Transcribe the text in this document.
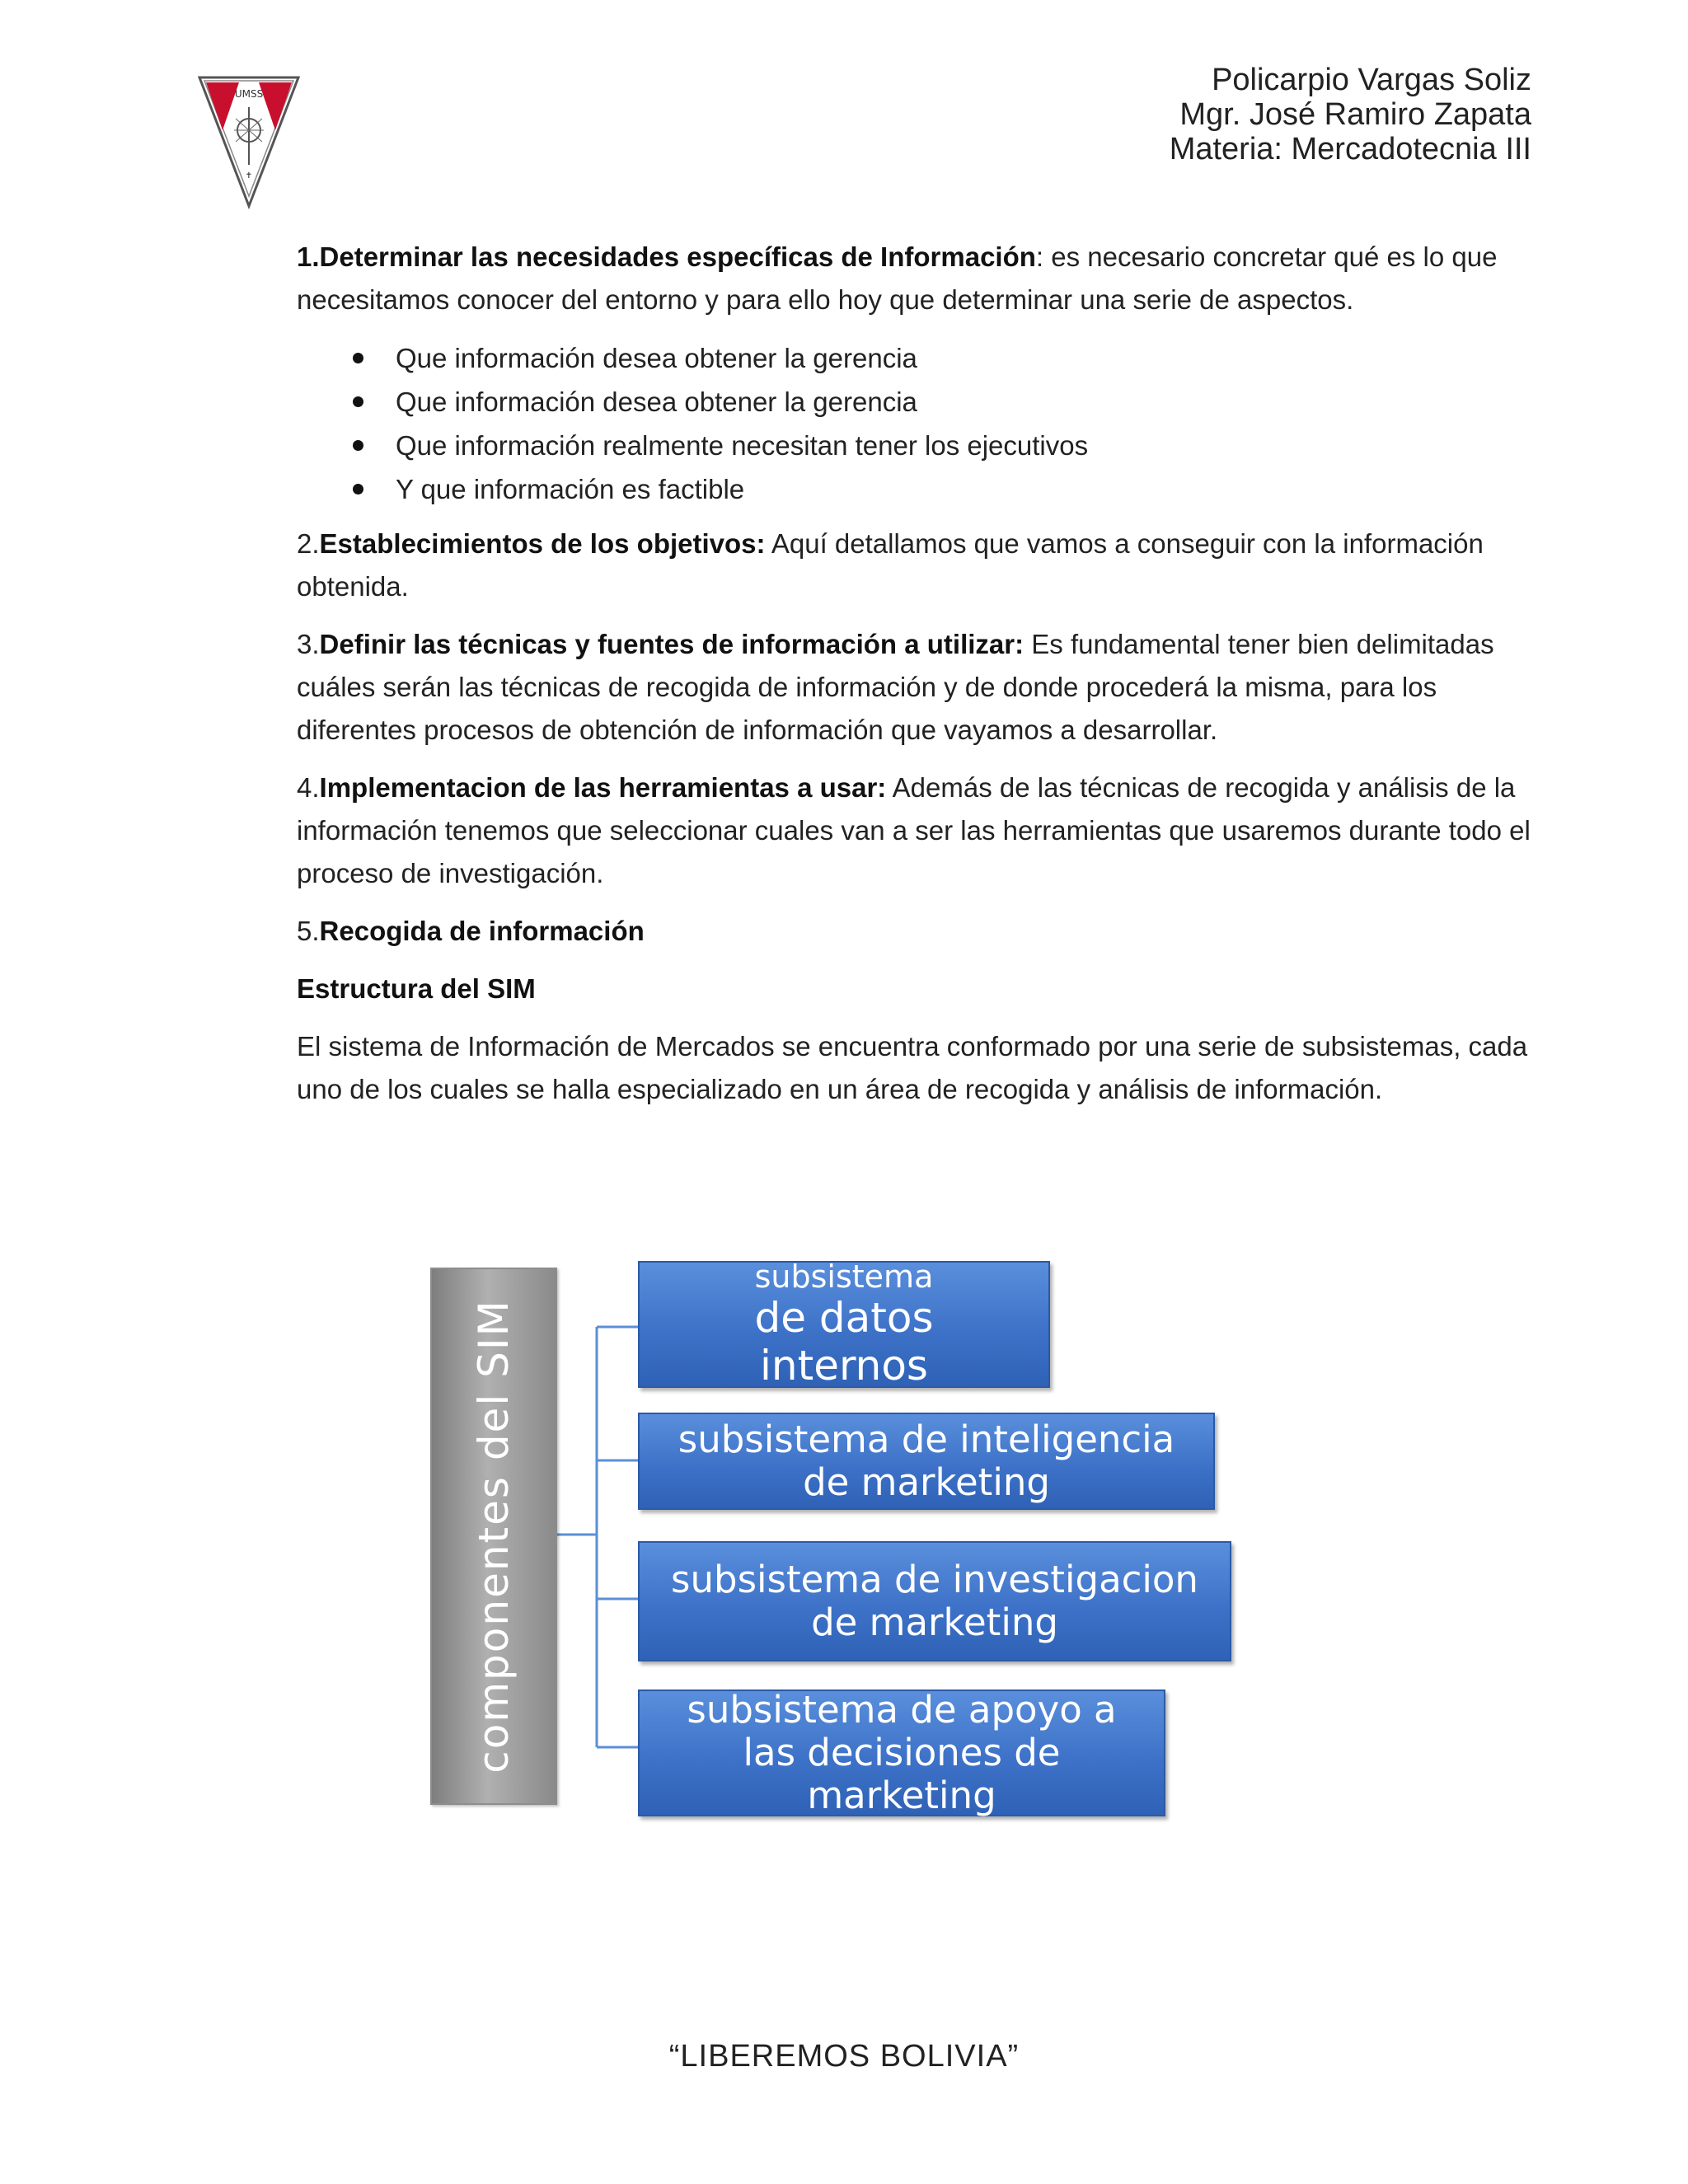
UMSS
✝
Policarpio Vargas Soliz
Mgr. José Ramiro Zapata
Materia: Mercadotecnia III

1.Determinar las necesidades específicas de Información: es necesario concretar qué es lo que necesitamos conocer del entorno y para ello hoy que determinar una serie de aspectos.

Que información desea obtener la gerencia
Que información desea obtener la gerencia
Que información realmente necesitan tener los ejecutivos
Y que información es factible

2.Establecimientos de los objetivos: Aquí detallamos que vamos a conseguir con la información obtenida.

3.Definir las técnicas y fuentes de información a utilizar: Es fundamental tener bien delimitadas cuáles serán las técnicas de recogida de información y de donde procederá la misma, para los diferentes procesos de obtención de información que vayamos a desarrollar.

4.Implementacion de las herramientas a usar: Además de las técnicas de recogida y análisis de la información tenemos que seleccionar cuales van a ser las herramientas que usaremos durante todo el proceso de investigación.

5.Recogida de información

Estructura del SIM

El sistema de Información de Mercados se encuentra conformado por una serie de subsistemas, cada uno de los cuales se halla especializado en un área de recogida y análisis de información.

componentes del SIM
subsistema
de datos
internos
subsistema de inteligencia de marketing
subsistema de investigacion de marketing
subsistema de apoyo a las decisiones de marketing
“LIBEREMOS BOLIVIA”
